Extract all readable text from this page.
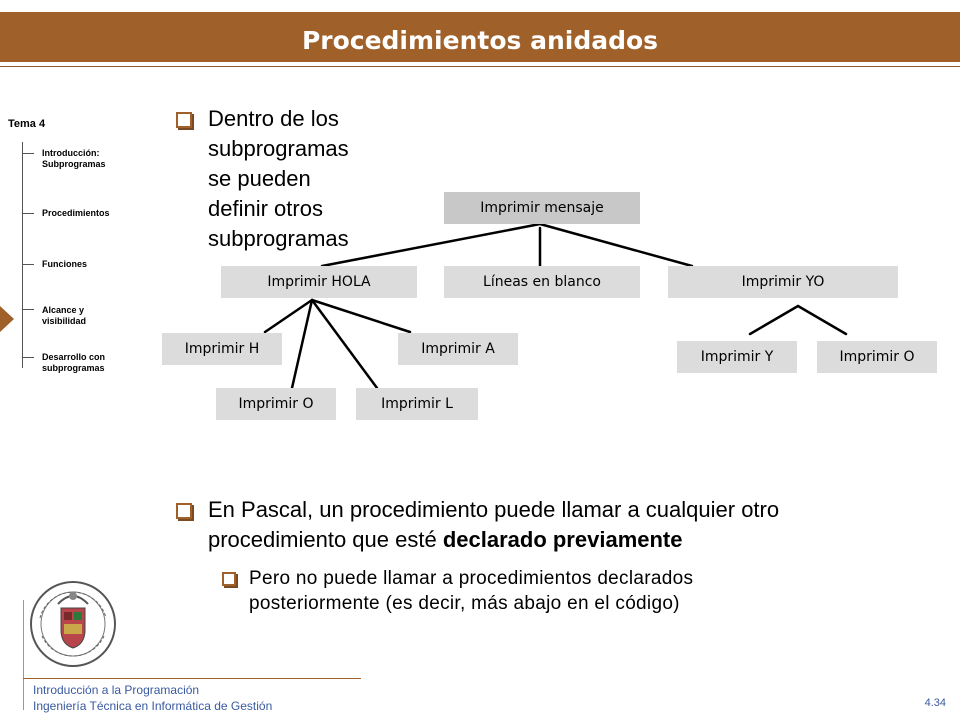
Procedimientos anidados
Tema 4
Introducción:
Subprogramas
Procedimientos
Funciones
Alcance y
visibilidad
Desarrollo con
subprogramas
Dentro de los subprogramas se pueden definir otros
subprogramas
Imprimir mensaje
Imprimir HOLA	Líneas en blanco	Imprimir YO
Imprimir H	Imprimir A
Imprimir O	Imprimir L
Imprimir Y	Imprimir O
En Pascal, un procedimiento puede llamar a cualquier otro
procedimiento que esté declarado previamente
Pero no puede llamar a procedimientos declarados
posteriormente (es decir, más abajo en el código)
Introducción a la Programación
Ingeniería Técnica en Informática de Gestión	4.34
